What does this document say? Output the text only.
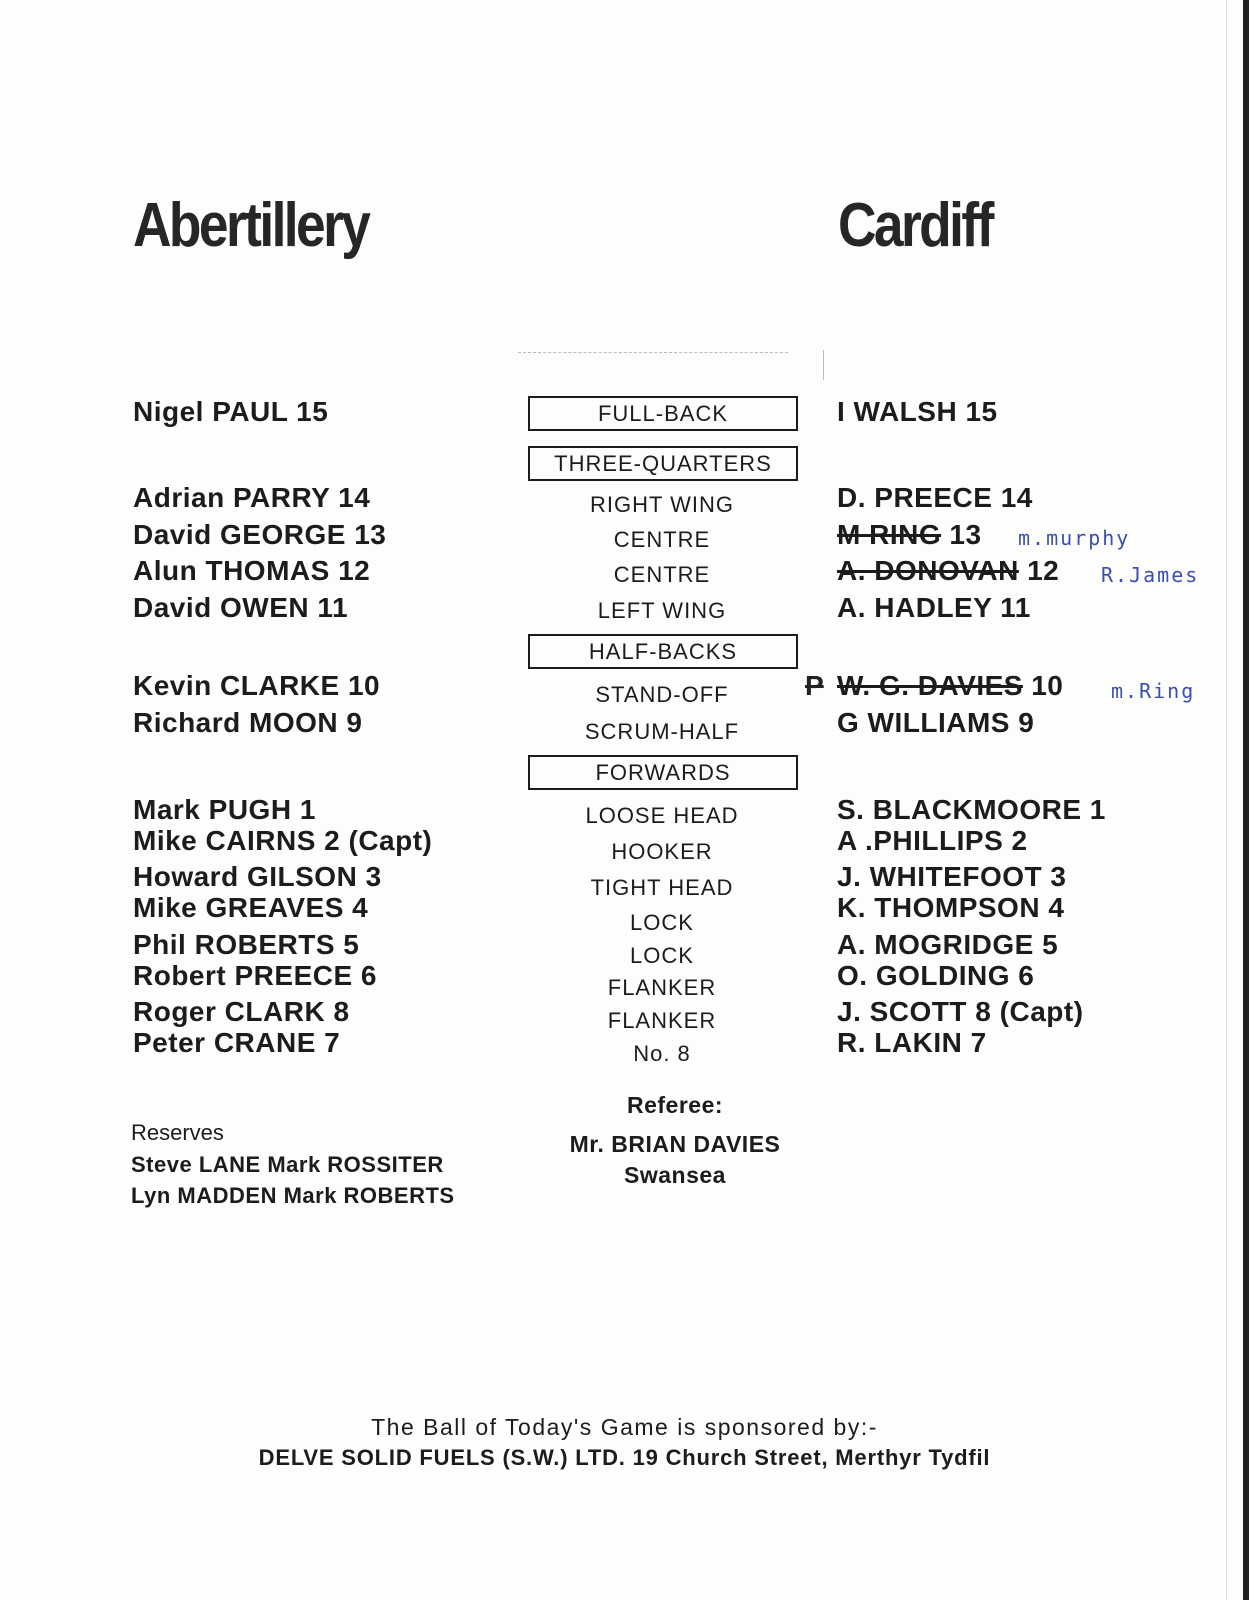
Abertillery	Cardiff
Nigel PAUL 15	FULL-BACK	I WALSH 15
THREE-QUARTERS
Adrian PARRY 14	RIGHT WING	D. PREECE 14
David GEORGE 13	CENTRE	M RING 13 m.murphy
Alun THOMAS 12	CENTRE	A. DONOVAN 12 R.James
David OWEN 11	LEFT WING	A. HADLEY 11
HALF-BACKS
Kevin CLARKE 10	STAND-OFF	P W. G. DAVIES 10 m.Ring
Richard MOON 9	SCRUM-HALF	G WILLIAMS 9
FORWARDS
Mark PUGH 1	LOOSE HEAD	S. BLACKMOORE 1
Mike CAIRNS 2 (Capt)	HOOKER	A .PHILLIPS 2
Howard GILSON 3	TIGHT HEAD	J. WHITEFOOT 3
Mike GREAVES 4	LOCK	K. THOMPSON 4
Phil ROBERTS 5	LOCK	A. MOGRIDGE 5
Robert PREECE 6	FLANKER	O. GOLDING 6
Roger CLARK 8	FLANKER	J. SCOTT 8 (Capt)
Peter CRANE 7	No. 8	R. LAKIN 7
Referee:
Mr. BRIAN DAVIES
Swansea
Reserves
Steve LANE Mark ROSSITER
Lyn MADDEN Mark ROBERTS
The Ball of Today's Game is sponsored by:-
DELVE SOLID FUELS (S.W.) LTD. 19 Church Street, Merthyr Tydfil
